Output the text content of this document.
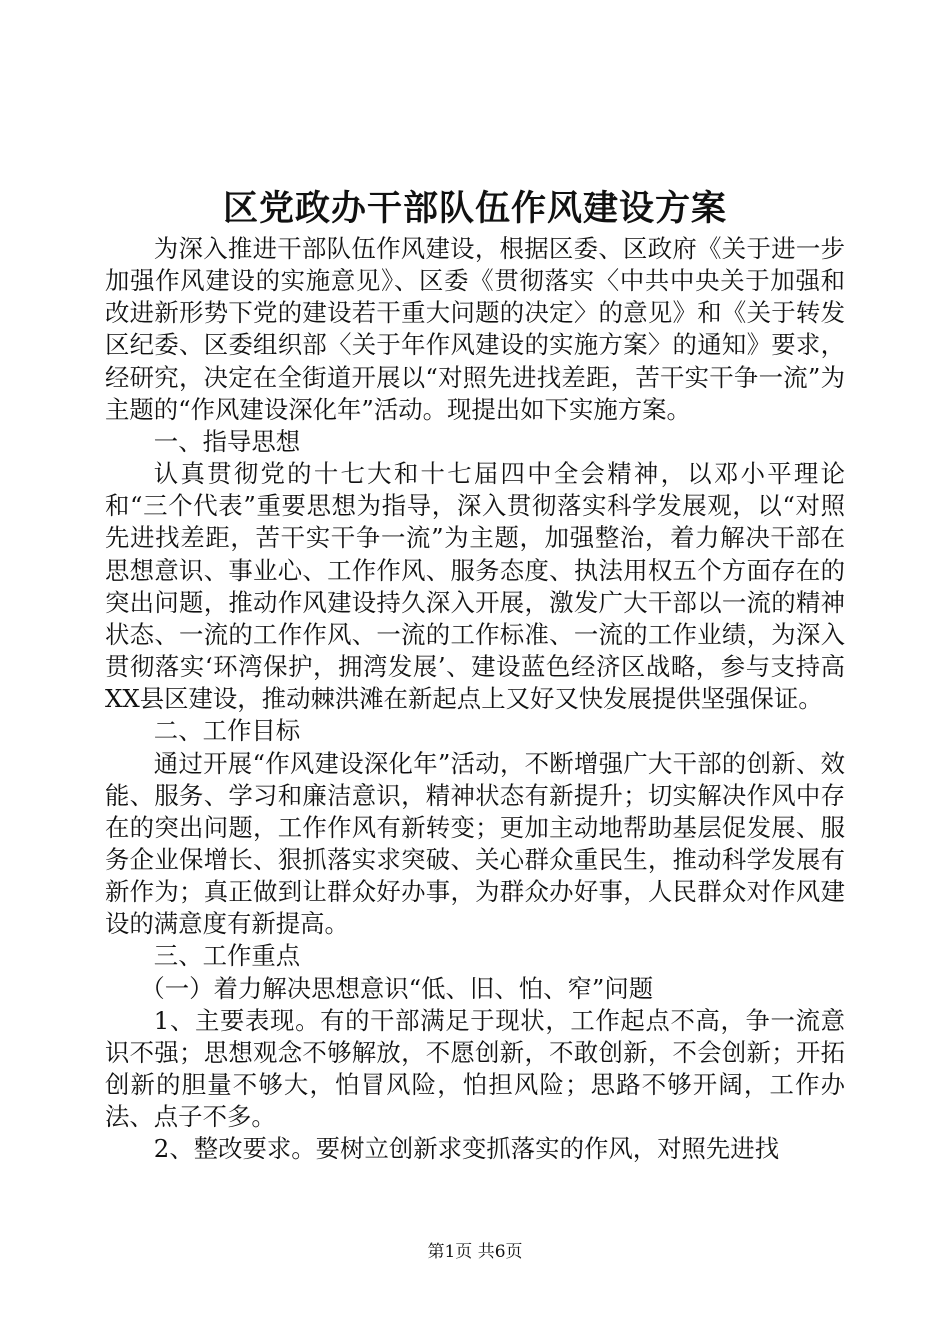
区党政办干部队伍作风建设方案

为深入推进干部队伍作风建设，根据区委、区政府《关于进一步加强作风建设的实施意见》、区委《贯彻落实〈中共中央关于加强和改进新形势下党的建设若干重大问题的决定〉的意见》和《关于转发区纪委、区委组织部〈关于年作风建设的实施方案〉的通知》要求，经研究，决定在全街道开展以“对照先进找差距，苦干实干争一流”为主题的“作风建设深化年”活动。现提出如下实施方案。

一、指导思想

认真贯彻党的十七大和十七届四中全会精神，以邓小平理论和“三个代表”重要思想为指导，深入贯彻落实科学发展观，以“对照先进找差距，苦干实干争一流”为主题，加强整治，着力解决干部在思想意识、事业心、工作作风、服务态度、执法用权五个方面存在的突出问题，推动作风建设持久深入开展，激发广大干部以一流的精神状态、一流的工作作风、一流的工作标准、一流的工作业绩，为深入贯彻落实‘环湾保护，拥湾发展’、建设蓝色经济区战略，参与支持高XX县区建设，推动棘洪滩在新起点上又好又快发展提供坚强保证。

二、工作目标

通过开展“作风建设深化年”活动，不断增强广大干部的创新、效能、服务、学习和廉洁意识，精神状态有新提升；切实解决作风中存在的突出问题，工作作风有新转变；更加主动地帮助基层促发展、服务企业保增长、狠抓落实求突破、关心群众重民生，推动科学发展有新作为；真正做到让群众好办事，为群众办好事，人民群众对作风建设的满意度有新提高。

三、工作重点

（一）着力解决思想意识“低、旧、怕、窄”问题

1、主要表现。有的干部满足于现状，工作起点不高，争一流意识不强；思想观念不够解放，不愿创新，不敢创新，不会创新；开拓创新的胆量不够大，怕冒风险，怕担风险；思路不够开阔，工作办法、点子不多。

2、整改要求。要树立创新求变抓落实的作风，对照先进找

第1页 共6页
